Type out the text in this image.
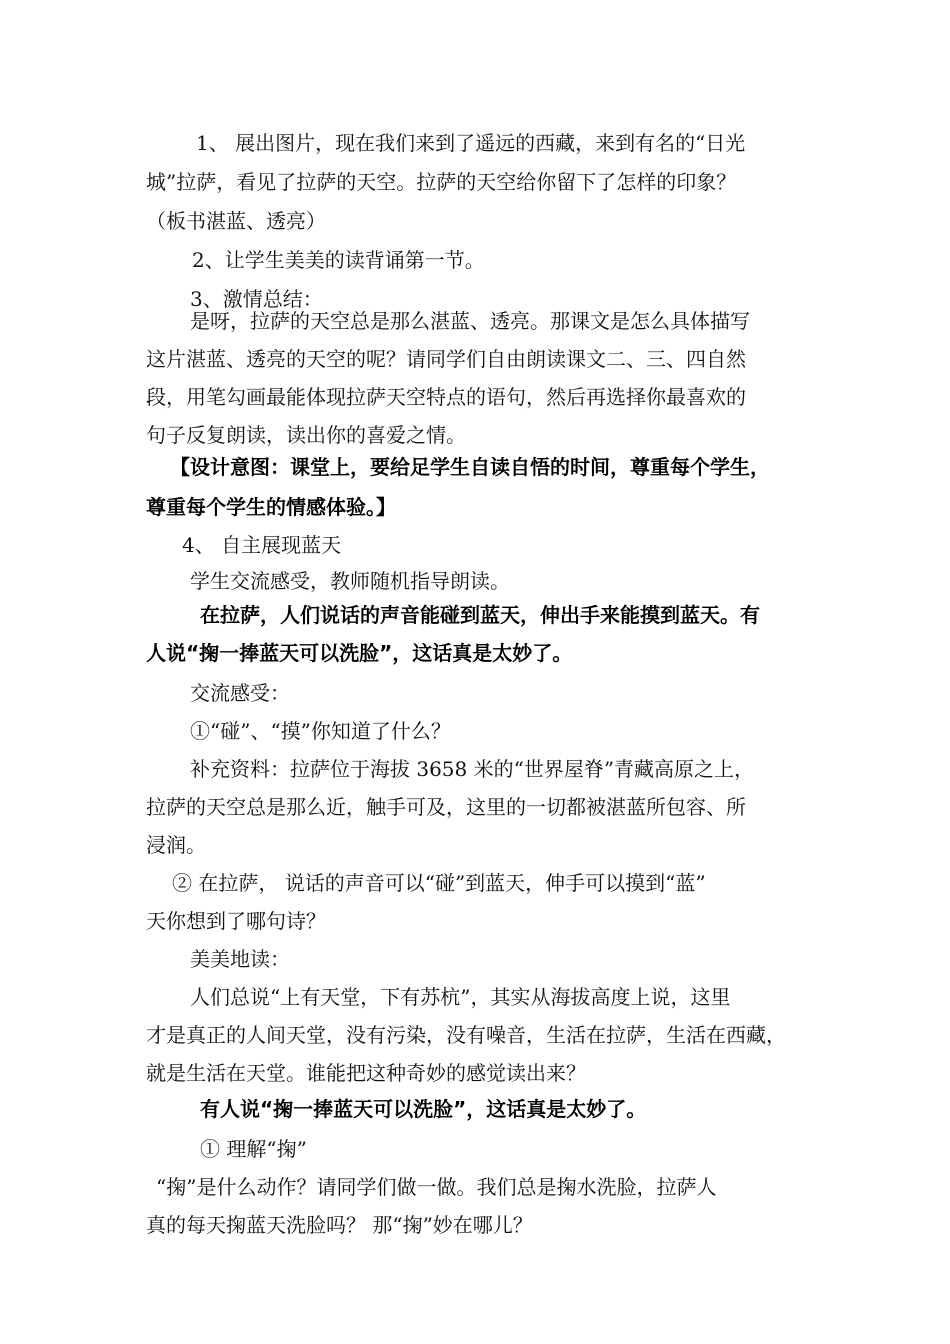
1、 展出图片，现在我们来到了遥远的西藏，来到有名的“日光
城”拉萨，看见了拉萨的天空。拉萨的天空给你留下了怎样的印象？
（板书湛蓝、透亮）
2、让学生美美的读背诵第一节。
3、激情总结：
是呀，拉萨的天空总是那么湛蓝、透亮。那课文是怎么具体描写
这片湛蓝、透亮的天空的呢？请同学们自由朗读课文二、三、四自然
段，用笔勾画最能体现拉萨天空特点的语句，然后再选择你最喜欢的
句子反复朗读，读出你的喜爱之情。
【设计意图：课堂上，要给足学生自读自悟的时间，尊重每个学生，
尊重每个学生的情感体验。】
4、 自主展现蓝天
学生交流感受，教师随机指导朗读。
在拉萨，人们说话的声音能碰到蓝天，伸出手来能摸到蓝天。有
人说“掬一捧蓝天可以洗脸”，这话真是太妙了。
交流感受：
①“碰”、“摸”你知道了什么？
补充资料：拉萨位于海拔 3658 米的“世界屋脊”青藏高原之上，
拉萨的天空总是那么近，触手可及，这里的一切都被湛蓝所包容、所
浸润。
② 在拉萨， 说话的声音可以“碰”到蓝天，伸手可以摸到“蓝”
天你想到了哪句诗？
美美地读：
人们总说“上有天堂，下有苏杭”，其实从海拔高度上说，这里
才是真正的人间天堂，没有污染，没有噪音，生活在拉萨，生活在西藏，
就是生活在天堂。谁能把这种奇妙的感觉读出来？
有人说“掬一捧蓝天可以洗脸”，这话真是太妙了。
① 理解“掬”
“掬”是什么动作？请同学们做一做。我们总是掬水洗脸，拉萨人
真的每天掬蓝天洗脸吗？ 那“掬”妙在哪儿？
